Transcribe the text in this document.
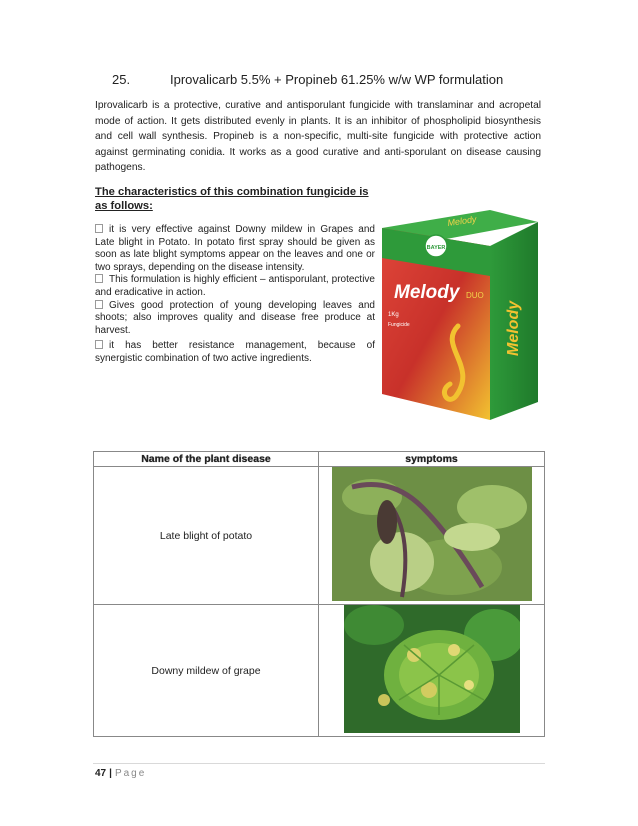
25.	Iprovalicarb 5.5% + Propineb 61.25% w/w WP formulation

Iprovalicarb is a protective, curative and antisporulant fungicide with translaminar and acropetal mode of action. It gets distributed evenly in plants. It is an inhibitor of phospholipid biosynthesis and cell wall synthesis. Propineb is a non-specific, multi-site fungicide with protective action against germinating conidia. It works as a good curative and anti-sporulant on disease causing pathogens.

The characteristics of this combination fungicide is as follows:

it is very effective against Downy mildew in Grapes and Late blight in Potato. In potato first spray should be given as soon as late blight symptoms appear on the leaves and one or two sprays, depending on the disease intensity.

This formulation is highly efficient – antisporulant, protective and eradicative in action.

Gives good protection of young developing leaves and shoots; also improves quality and disease free produce at harvest.

it has better resistance management, because of synergistic combination of two active ingredients.

Melody
BAYER
Melody DUO
1Kg
Fungicide	Melody
Name of the plant disease	symptoms
Late blight of potato	
Downy mildew of grape	
47 | Page
